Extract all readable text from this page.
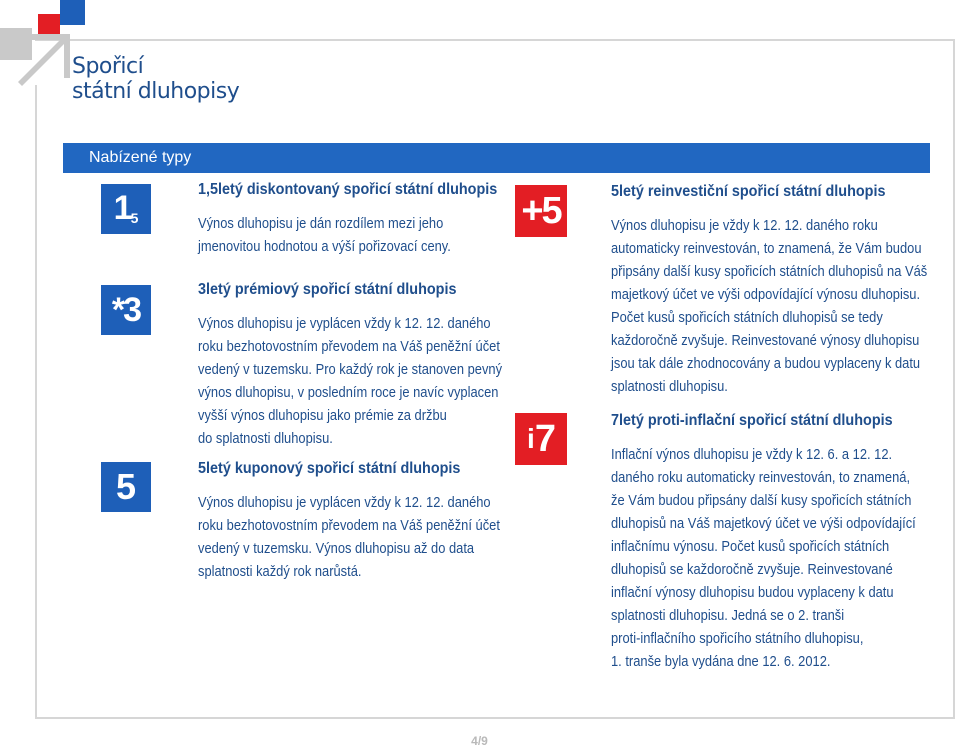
Spořicí
státní dluhopisy
Nabízené typy
1 5
*3
5
+5
i 7
1,5letý diskontovaný spořicí státní dluhopis
Výnos dluhopisu je dán rozdílem mezi jeho
jmenovitou hodnotou a výší pořizovací ceny.
3letý prémiový spořicí státní dluhopis
Výnos dluhopisu je vyplácen vždy k 12. 12. daného
roku bezhotovostním převodem na Váš peněžní účet
vedený v tuzemsku. Pro každý rok je stanoven pevný
výnos dluhopisu, v posledním roce je navíc vyplacen
vyšší výnos dluhopisu jako prémie za držbu
do splatnosti dluhopisu.
5letý kuponový spořicí státní dluhopis
Výnos dluhopisu je vyplácen vždy k 12. 12. daného
roku bezhotovostním převodem na Váš peněžní účet
vedený v tuzemsku. Výnos dluhopisu až do data
splatnosti každý rok narůstá.
5letý reinvestiční spořicí státní dluhopis
Výnos dluhopisu je vždy k 12. 12. daného roku
automaticky reinvestován, to znamená, že Vám budou
připsány další kusy spořicích státních dluhopisů na Váš
majetkový účet ve výši odpovídající výnosu dluhopisu.
Počet kusů spořicích státních dluhopisů se tedy
každoročně zvyšuje. Reinvestované výnosy dluhopisu
jsou tak dále zhodnocovány a budou vyplaceny k datu
splatnosti dluhopisu.
7letý proti-inflační spořicí státní dluhopis
Inflační výnos dluhopisu je vždy k 12. 6. a 12. 12.
daného roku automaticky reinvestován, to znamená,
že Vám budou připsány další kusy spořicích státních
dluhopisů na Váš majetkový účet ve výši odpovídající
inflačnímu výnosu. Počet kusů spořicích státních
dluhopisů se každoročně zvyšuje. Reinvestované
inflační výnosy dluhopisu budou vyplaceny k datu
splatnosti dluhopisu. Jedná se o 2. tranši
proti-inflačního spořicího státního dluhopisu,
1. tranše byla vydána dne 12. 6. 2012.
4/9
